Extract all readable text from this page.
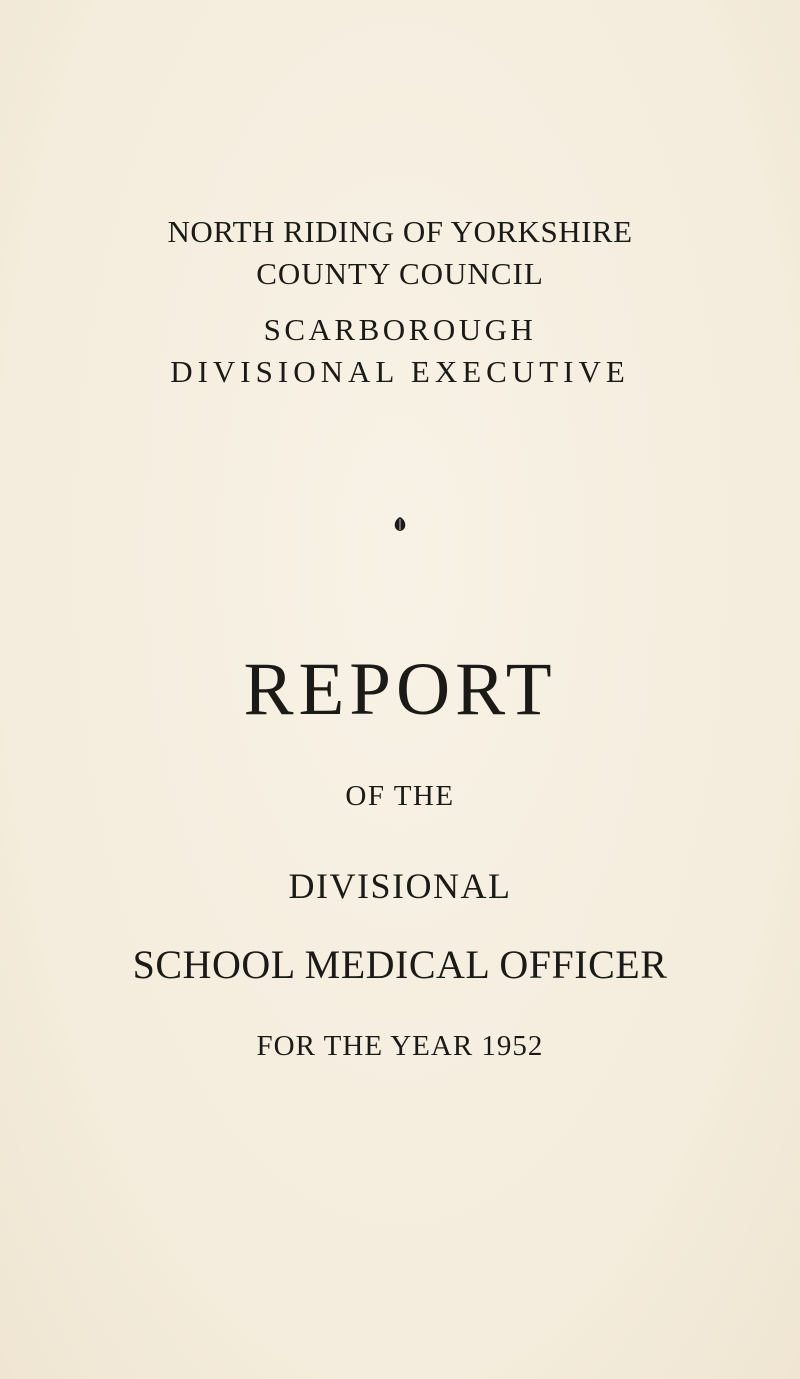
NORTH RIDING OF YORKSHIRE
COUNTY COUNCIL
SCARBOROUGH
DIVISIONAL EXECUTIVE
REPORT
OF THE
DIVISIONAL
SCHOOL MEDICAL OFFICER
FOR THE YEAR 1952
